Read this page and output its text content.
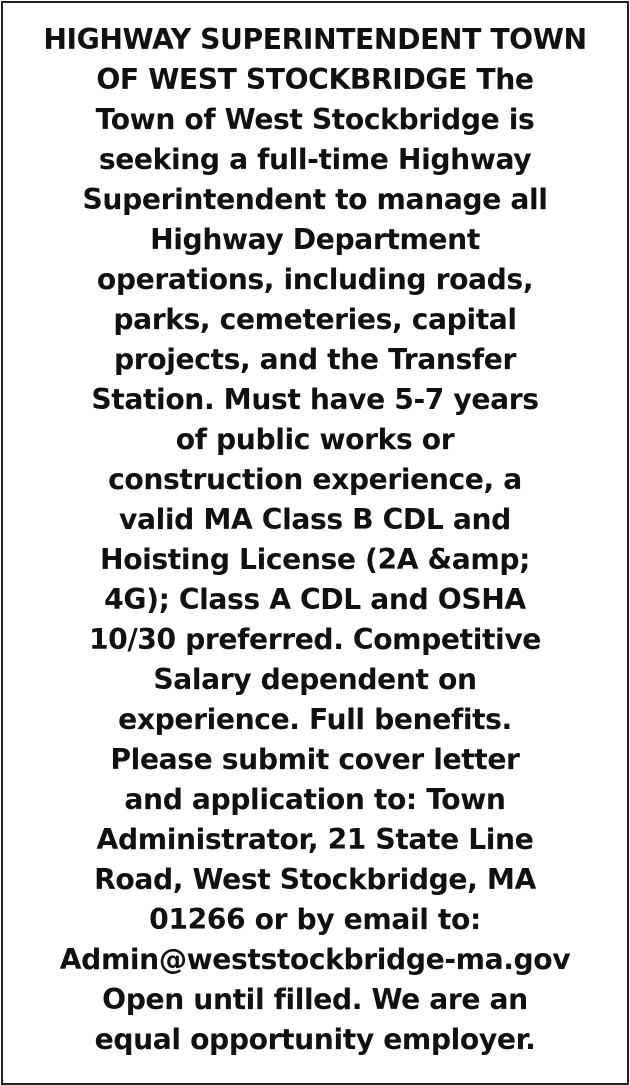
HIGHWAY SUPERINTENDENT TOWN
OF WEST STOCKBRIDGE The
Town of West Stockbridge is
seeking a full-time Highway
Superintendent to manage all
Highway Department
operations, including roads,
parks, cemeteries, capital
projects, and the Transfer
Station. Must have 5-7 years
of public works or
construction experience, a
valid MA Class B CDL and
Hoisting License (2A &amp;
4G); Class A CDL and OSHA
10/30 preferred. Competitive
Salary dependent on
experience. Full benefits.
Please submit cover letter
and application to: Town
Administrator, 21 State Line
Road, West Stockbridge, MA
01266 or by email to:
Admin@weststockbridge-ma.gov
Open until filled. We are an
equal opportunity employer.
